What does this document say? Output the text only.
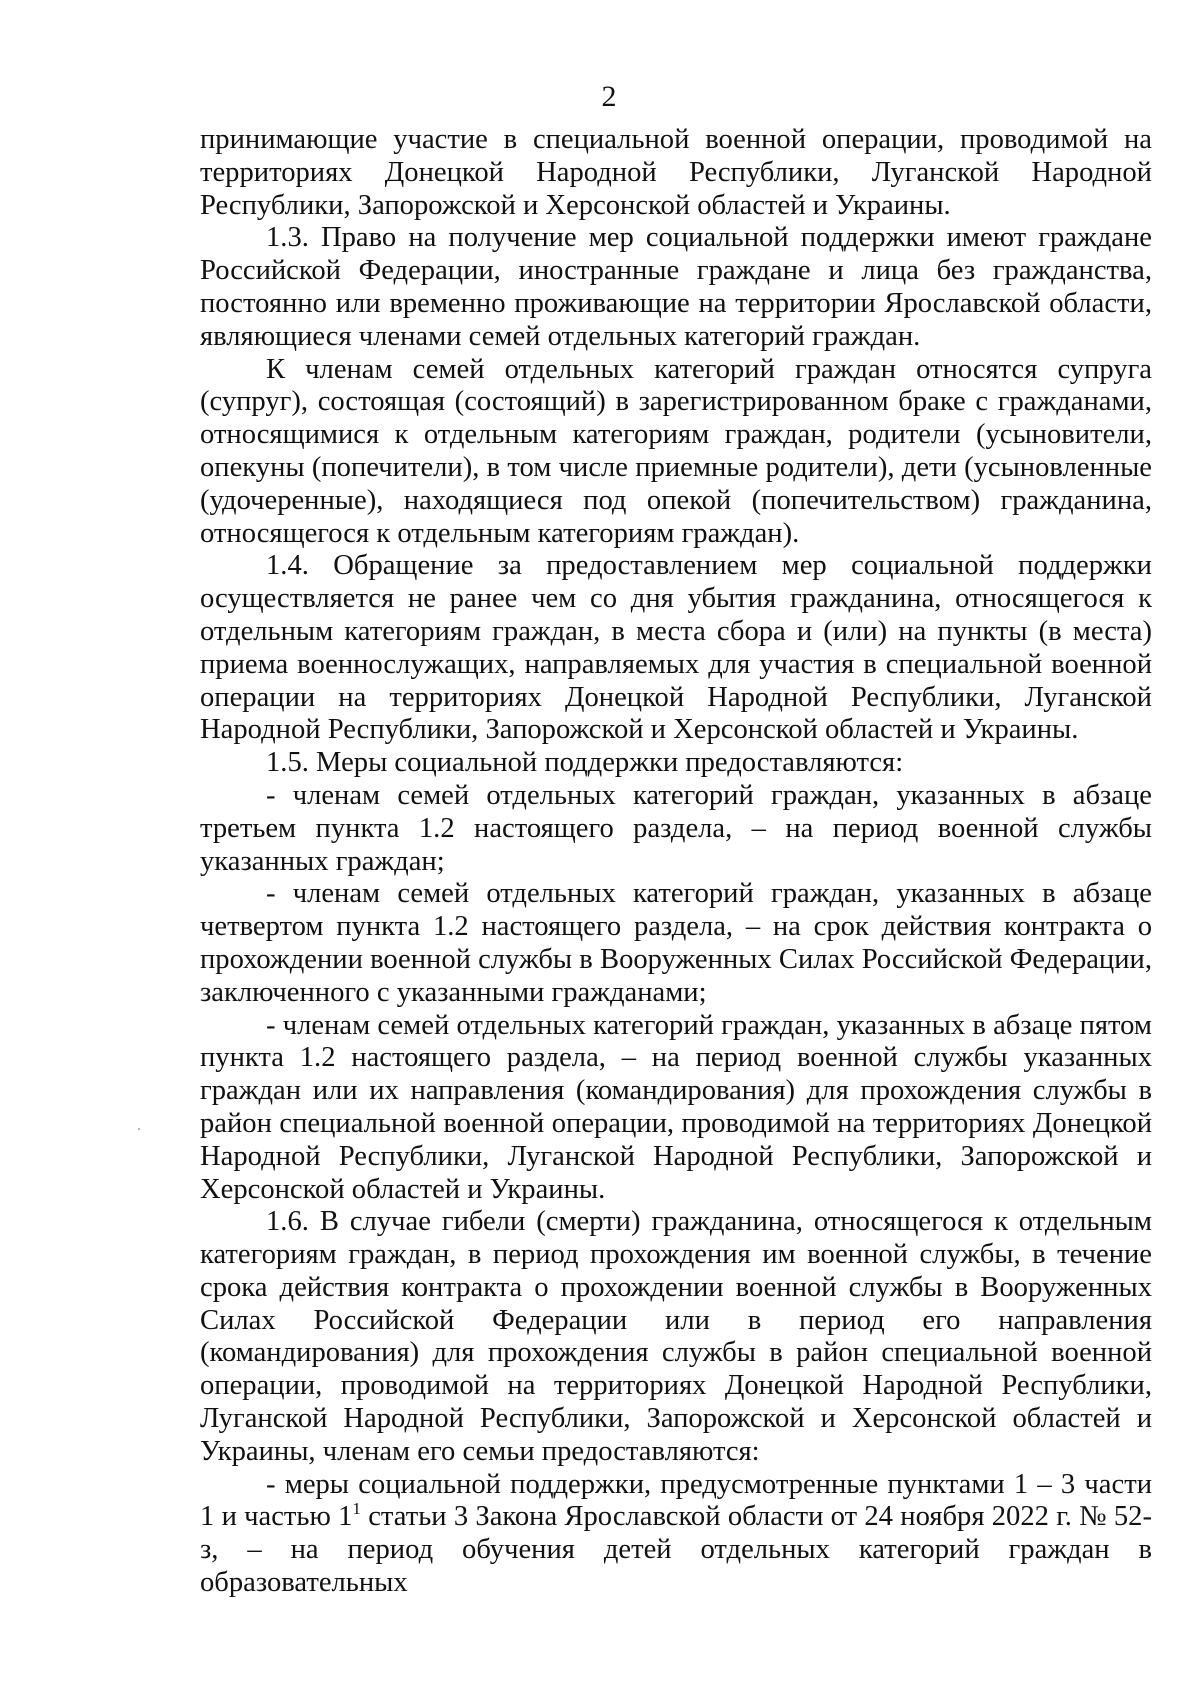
2

принимающие участие в специальной военной операции, проводимой на территориях Донецкой Народной Республики, Луганской Народной Республики, Запорожской и Херсонской областей и Украины.

1.3. Право на получение мер социальной поддержки имеют граждане Российской Федерации, иностранные граждане и лица без гражданства, постоянно или временно проживающие на территории Ярославской области, являющиеся членами семей отдельных категорий граждан.

К членам семей отдельных категорий граждан относятся супруга (супруг), состоящая (состоящий) в зарегистрированном браке с гражданами, относящимися к отдельным категориям граждан, родители (усыновители, опекуны (попечители), в том числе приемные родители), дети (усыновленные (удочеренные), находящиеся под опекой (попечительством) гражданина, относящегося к отдельным категориям граждан).

1.4. Обращение за предоставлением мер социальной поддержки осуществляется не ранее чем со дня убытия гражданина, относящегося к отдельным категориям граждан, в места сбора и (или) на пункты (в места) приема военнослужащих, направляемых для участия в специальной военной операции на территориях Донецкой Народной Республики, Луганской Народной Республики, Запорожской и Херсонской областей и Украины.

1.5. Меры социальной поддержки предоставляются:

- членам семей отдельных категорий граждан, указанных в абзаце третьем пункта 1.2 настоящего раздела, – на период военной службы указанных граждан;

- членам семей отдельных категорий граждан, указанных в абзаце четвертом пункта 1.2 настоящего раздела, – на срок действия контракта о прохождении военной службы в Вооруженных Силах Российской Федерации, заключенного с указанными гражданами;

- членам семей отдельных категорий граждан, указанных в абзаце пятом пункта 1.2 настоящего раздела, – на период военной службы указанных граждан или их направления (командирования) для прохождения службы в район специальной военной операции, проводимой на территориях Донецкой Народной Республики, Луганской Народной Республики, Запорожской и Херсонской областей и Украины.

1.6. В случае гибели (смерти) гражданина, относящегося к отдельным категориям граждан, в период прохождения им военной службы, в течение срока действия контракта о прохождении военной службы в Вооруженных Силах Российской Федерации или в период его направления (командирования) для прохождения службы в район специальной военной операции, проводимой на территориях Донецкой Народной Республики, Луганской Народной Республики, Запорожской и Херсонской областей и Украины, членам его семьи предоставляются:

- меры социальной поддержки, предусмотренные пунктами 1 – 3 части 1 и частью $1^1$ статьи 3 Закона Ярославской области от 24 ноября 2022 г. № 52-з, – на период обучения детей отдельных категорий граждан в образовательных
